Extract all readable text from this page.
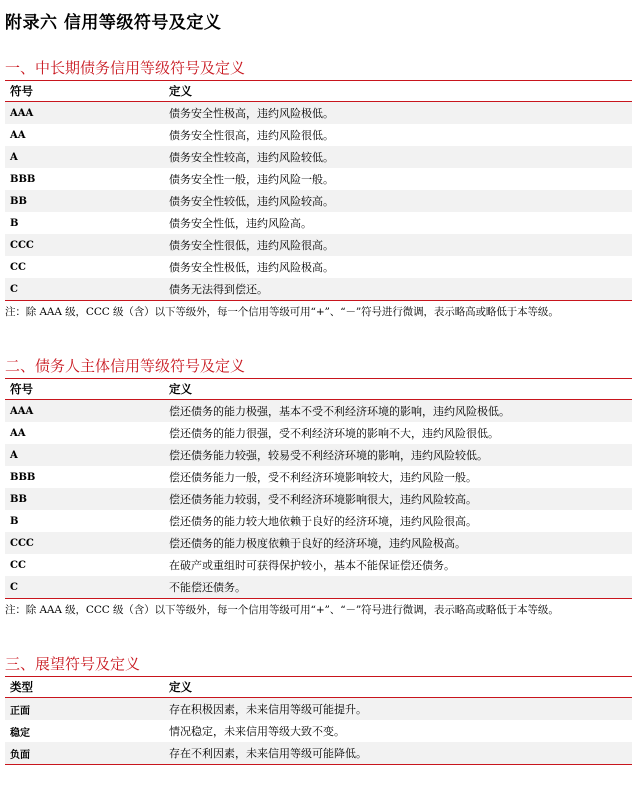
附录六 信用等级符号及定义
一、中长期债务信用等级符号及定义
符号	定义
AAA	债务安全性极高，违约风险极低。
AA	债务安全性很高，违约风险很低。
A	债务安全性较高，违约风险较低。
BBB	债务安全性一般，违约风险一般。
BB	债务安全性较低，违约风险较高。
B	债务安全性低，违约风险高。
CCC	债务安全性很低，违约风险很高。
CC	债务安全性极低，违约风险极高。
C	债务无法得到偿还。
注：除 AAA 级，CCC 级（含）以下等级外，每一个信用等级可用“+”、“－”符号进行微调，表示略高或略低于本等级。
二、债务人主体信用等级符号及定义
符号	定义
AAA	偿还债务的能力极强，基本不受不利经济环境的影响，违约风险极低。
AA	偿还债务的能力很强，受不利经济环境的影响不大，违约风险很低。
A	偿还债务能力较强，较易受不利经济环境的影响，违约风险较低。
BBB	偿还债务能力一般，受不利经济环境影响较大，违约风险一般。
BB	偿还债务能力较弱，受不利经济环境影响很大，违约风险较高。
B	偿还债务的能力较大地依赖于良好的经济环境，违约风险很高。
CCC	偿还债务的能力极度依赖于良好的经济环境，违约风险极高。
CC	在破产或重组时可获得保护较小，基本不能保证偿还债务。
C	不能偿还债务。
注：除 AAA 级，CCC 级（含）以下等级外，每一个信用等级可用“+”、“－”符号进行微调，表示略高或略低于本等级。
三、展望符号及定义
类型	定义
正面	存在积极因素，未来信用等级可能提升。
稳定	情况稳定，未来信用等级大致不变。
负面	存在不利因素，未来信用等级可能降低。
